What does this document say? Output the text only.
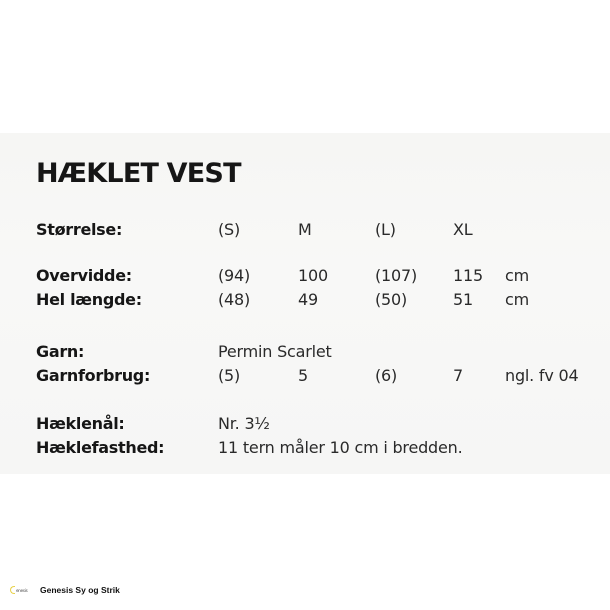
HÆKLET VEST
Størrelse:	(S)	M	(L)	XL
Overvidde:	(94)	100	(107) 115 cm
Hel længde:	(48)	49	(50)	51 cm
Garn:	Permin Scarlet
Garnforbrug:	(5)	5	(6)	7	ngl. fv 04
Hæklenål:	Nr. 3½
Hæklefasthed:	11 tern måler 10 cm i bredden.
enesis Genesis Sy og Strik
